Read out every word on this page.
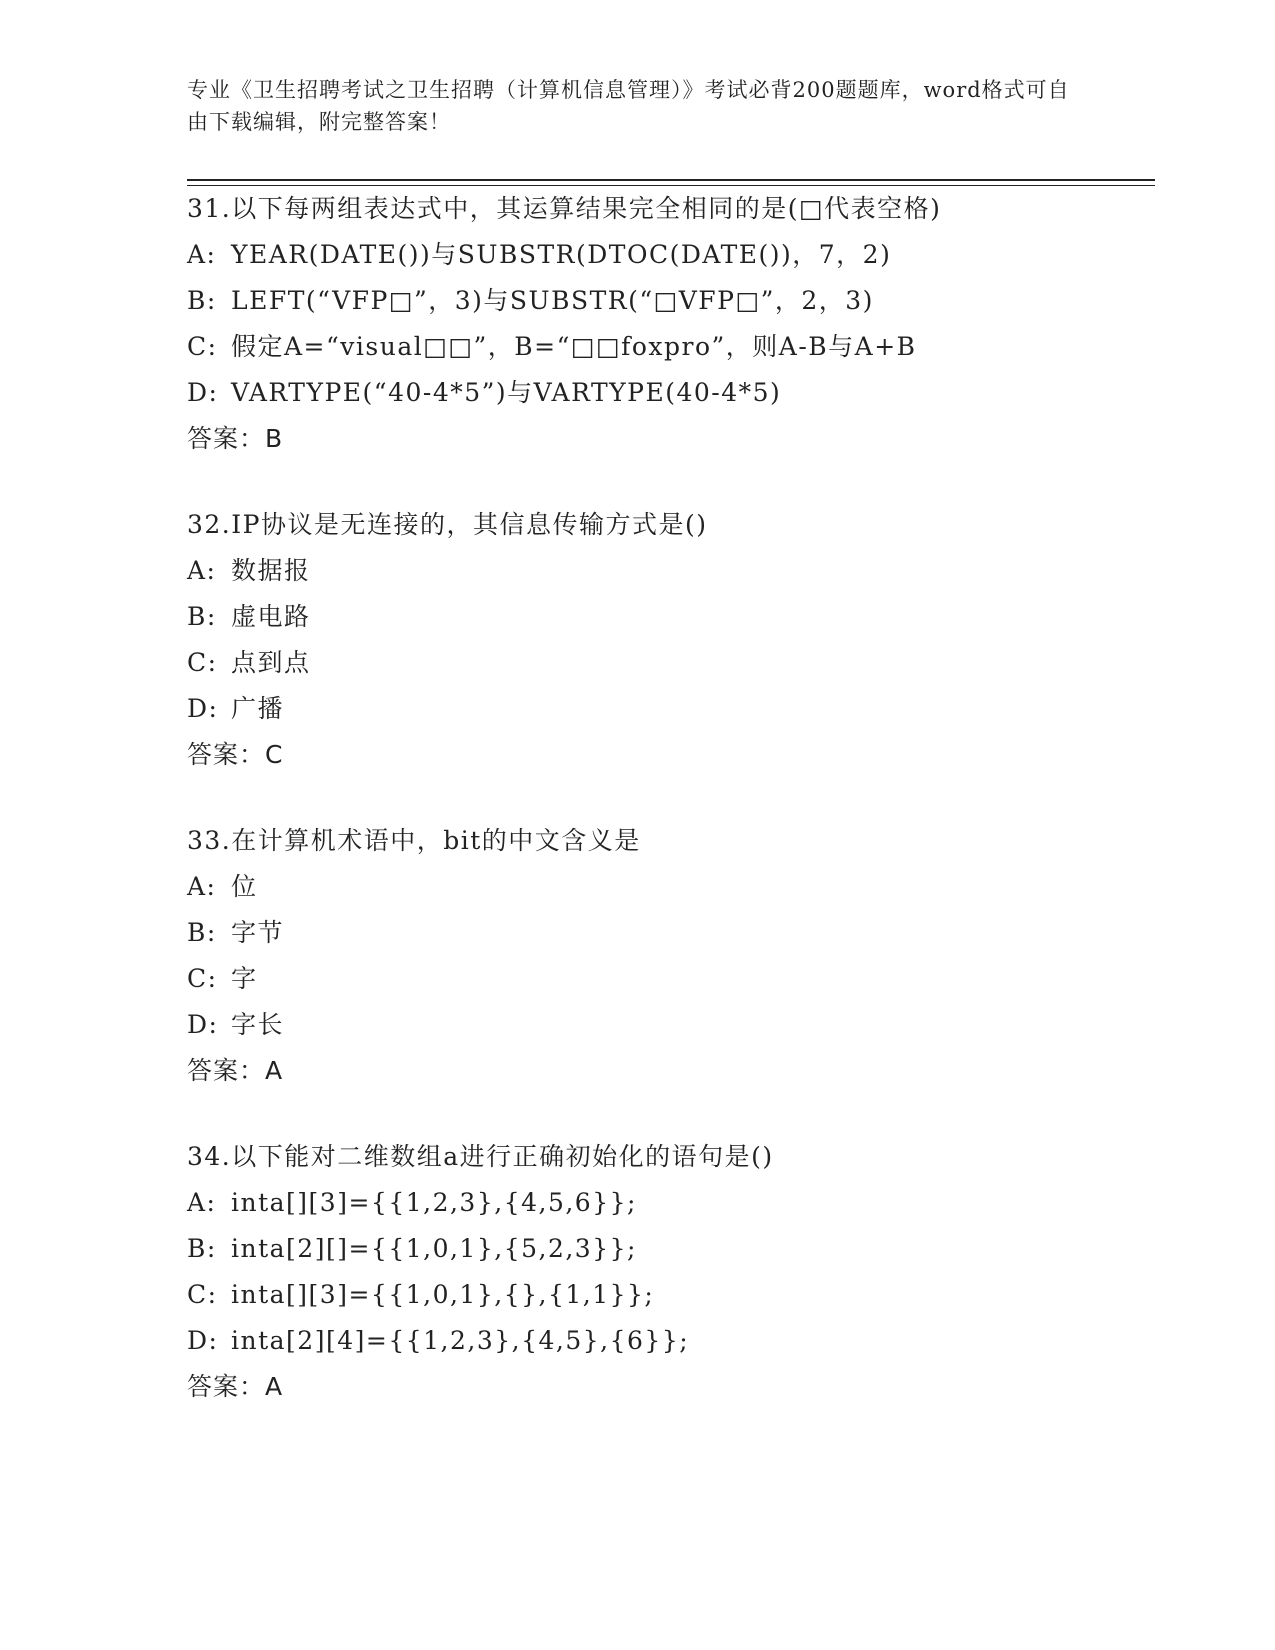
专业《卫生招聘考试之卫生招聘（计算机信息管理）》考试必背200题题库，word格式可自由下载编辑，附完整答案！
31.以下每两组表达式中，其运算结果完全相同的是(□代表空格)
A: YEAR(DATE())与SUBSTR(DTOC(DATE())，7，2)
B: LEFT(“VFP□”，3)与SUBSTR(“□VFP□”，2，3)
C: 假定A=“visual□□”，B=“□□foxpro”，则A-B与A+B
D: VARTYPE(“40-4*5”)与VARTYPE(40-4*5)
答案：B
32.IP协议是无连接的，其信息传输方式是()
A: 数据报
B: 虚电路
C: 点到点
D: 广播
答案：C
33.在计算机术语中，bit的中文含义是
A: 位
B: 字节
C: 字
D: 字长
答案：A
34.以下能对二维数组a进行正确初始化的语句是()
A: inta[][3]={{1,2,3},{4,5,6}};
B: inta[2][]={{1,0,1},{5,2,3}};
C: inta[][3]={{1,0,1},{},{1,1}};
D: inta[2][4]={{1,2,3},{4,5},{6}};
答案：A
